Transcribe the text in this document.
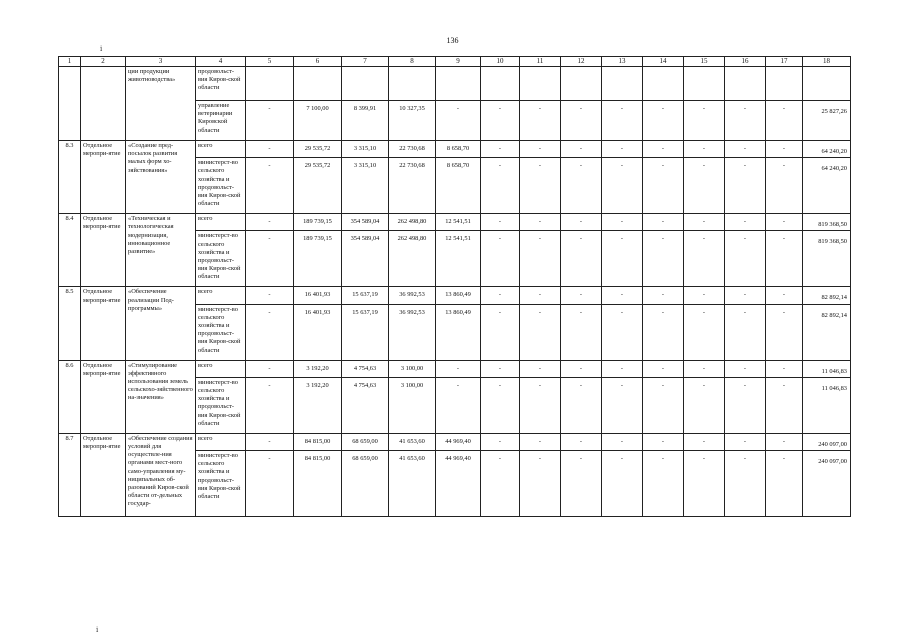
136
ⅰ
ⅰ
1	2	3	4	5	6	7	8	9	10	11	12	13	14	15	16	17	18
		ции продукции животноводства»	продовольст-вия Киров-ской области														
			управление ветеринарии Кировской области	-	7 100,00	8 399,91	10 327,35	-	-	-	-	-	-	-	-	-	25 827,26
8.3	Отдельное меропри-ятие	«Создание пред-посылок развития малых форм хо-зяйствования»	всего	-	29 535,72	3 315,10	22 730,68	8 658,70	-	-	-	-	-	-	-	-	64 240,20
			министерст-во сельского хозяйства и продовольст-вия Киров-ской области	-	29 535,72	3 315,10	22 730,68	8 658,70	-	-	-	-	-	-	-	-	64 240,20
8.4	Отдельное меропри-ятие	«Техническая и технологическая модернизация, инновационное развитие»	всего	-	189 739,15	354 589,04	262 498,80	12 541,51	-	-	-	-	-	-	-	-	819 368,50
			министерст-во сельского хозяйства и продовольст-вия Киров-ской области	-	189 739,15	354 589,04	262 498,80	12 541,51	-	-	-	-	-	-	-	-	819 368,50
8.5	Отдельное меропри-ятие	«Обеспечение реализации Под-программы»	всего	-	16 401,93	15 637,19	36 992,53	13 860,49	-	-	-	-	-	-	-	-	82 892,14
			министерст-во сельского хозяйства и продовольст-вия Киров-ской области	-	16 401,93	15 637,19	36 992,53	13 860,49	-	-	-	-	-	-	-	-	82 892,14
8.6	Отдельное меропри-ятие	«Стимулирование эффективного использования земель сельскохо-зяйственного на-значения»	всего	-	3 192,20	4 754,63	3 100,00	-	-	-	-	-	-	-	-	-	11 046,83
			министерст-во сельского хозяйства и продовольст-вия Киров-ской области	-	3 192,20	4 754,63	3 100,00	-	-	-	-	-	-	-	-	-	11 046,83
8.7	Отдельное меропри-ятие	«Обеспечение создания условий для осуществле-ния органами мест-ного само-управления му-ниципальных об-разований Киров-ской области от-дельных государ-	всего	-	84 815,00	68 659,00	41 653,60	44 969,40	-	-	-	-	-	-	-	-	240 097,00
			министерст-во сельского хозяйства и продовольст-вия Киров-ской области	-	84 815,00	68 659,00	41 653,60	44 969,40	-	-	-	-	-	-	-	-	240 097,00
